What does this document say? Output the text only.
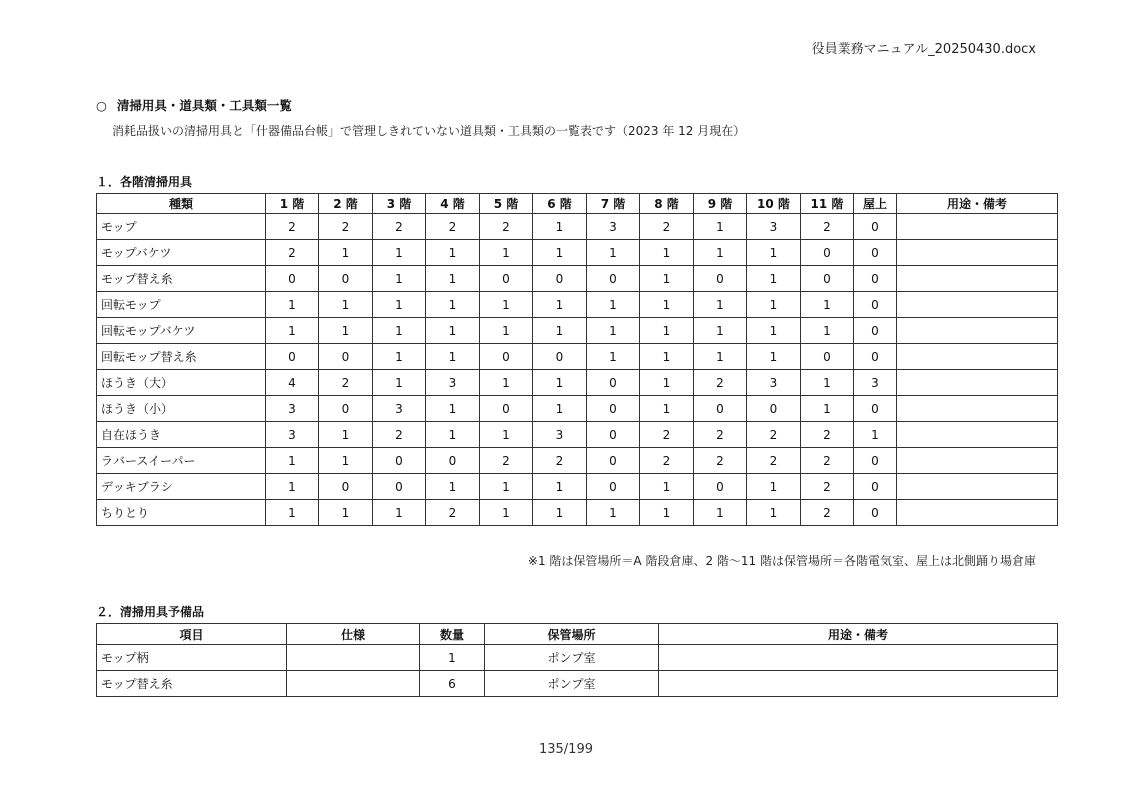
役員業務マニュアル_20250430.docx
○ 清掃用具・道具類・工具類一覧
消耗品扱いの清掃用具と「什器備品台帳」で管理しきれていない道具類・工具類の一覧表です（2023 年 12 月現在）
１．各階清掃用具
種類	1 階	2 階	3 階	4 階	5 階	6 階	7 階	8 階	9 階	10 階	11 階	屋上	用途・備考
モップ	2	2	2	2	2	1	3	2	1	3	2	0	
モップバケツ	2	1	1	1	1	1	1	1	1	1	0	0	
モップ替え糸	0	0	1	1	0	0	0	1	0	1	0	0	
回転モップ	1	1	1	1	1	1	1	1	1	1	1	0	
回転モップバケツ	1	1	1	1	1	1	1	1	1	1	1	0	
回転モップ替え糸	0	0	1	1	0	0	1	1	1	1	0	0	
ほうき（大）	4	2	1	3	1	1	0	1	2	3	1	3	
ほうき（小）	3	0	3	1	0	1	0	1	0	0	1	0	
自在ほうき	3	1	2	1	1	3	0	2	2	2	2	1	
ラバースイーパー	1	1	0	0	2	2	0	2	2	2	2	0	
デッキブラシ	1	0	0	1	1	1	0	1	0	1	2	0	
ちりとり	1	1	1	2	1	1	1	1	1	1	2	0	
※1 階は保管場所＝A 階段倉庫、2 階～11 階は保管場所＝各階電気室、屋上は北側踊り場倉庫
２．清掃用具予備品
項目	仕様	数量	保管場所	用途・備考
モップ柄		1	ポンプ室	
モップ替え糸		6	ポンプ室	
135/199
